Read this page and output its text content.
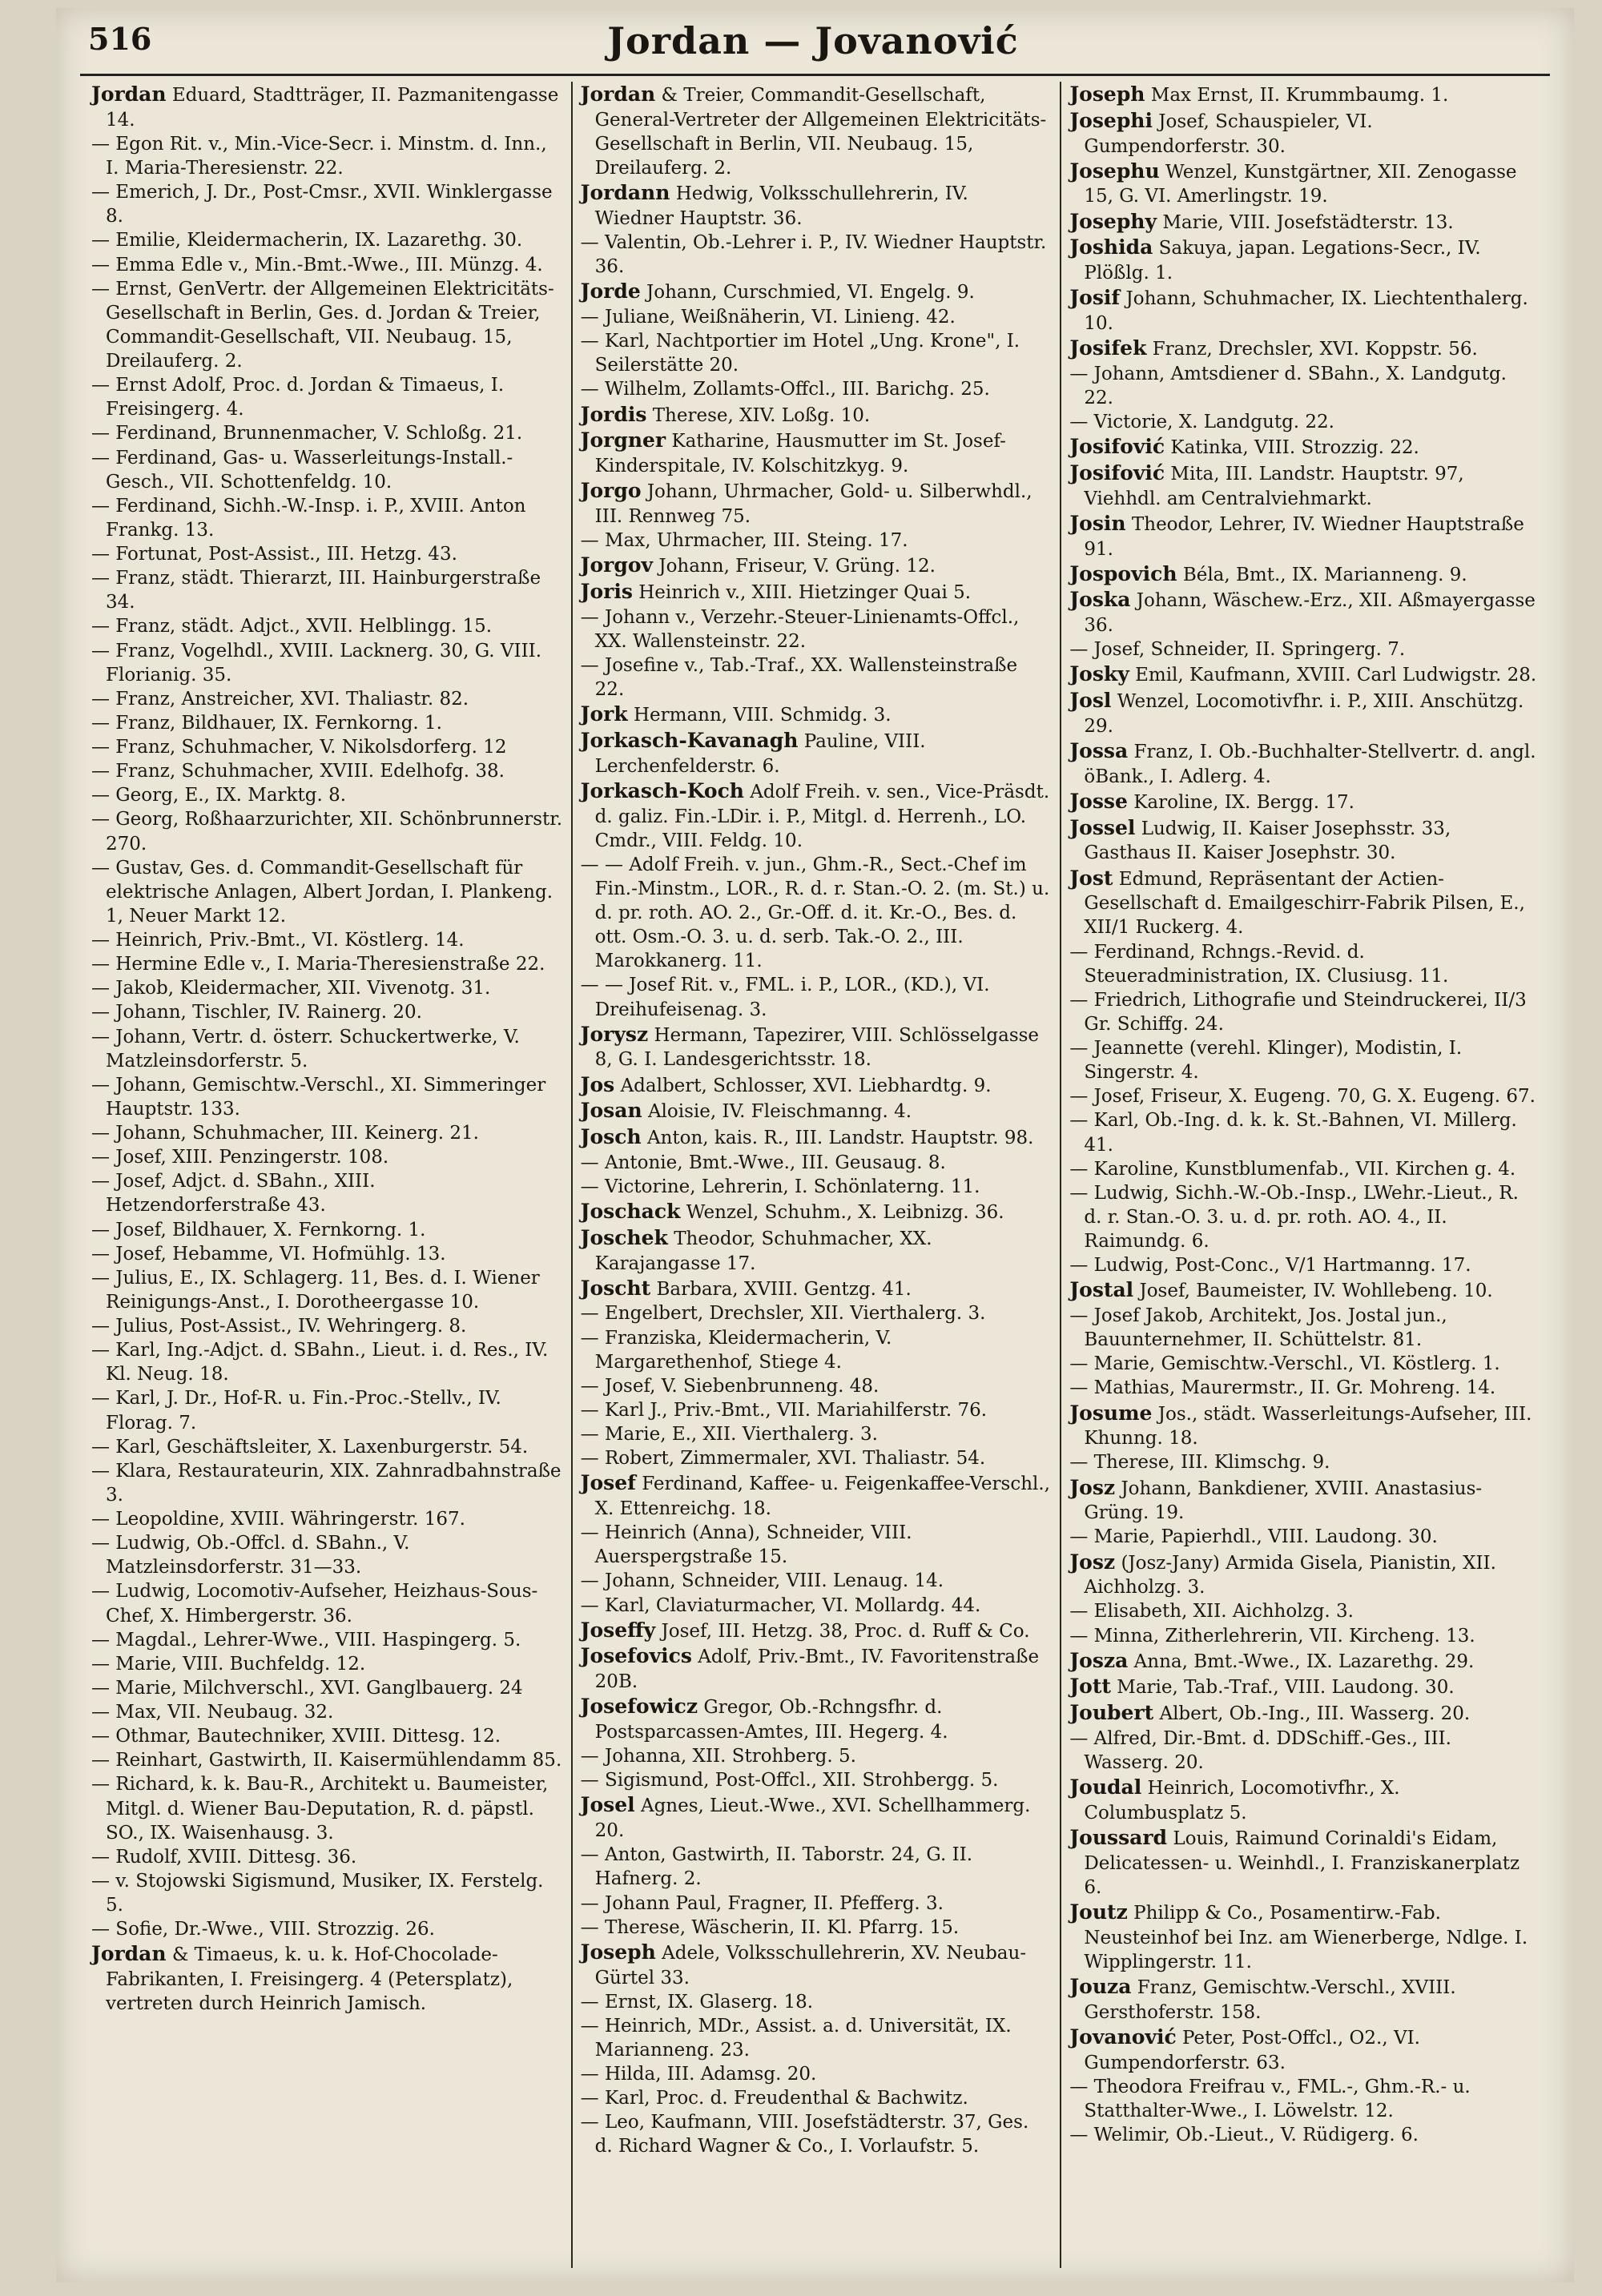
516	Jordan — Jovanović

Jordan Eduard, Stadtträger, II. Pazmanitengasse 14.

— Egon Rit. v., Min.-Vice-Secr. i. Minstm. d. Inn., I. Maria-Theresienstr. 22.

— Emerich, J. Dr., Post-Cmsr., XVII. Winklergasse 8.

— Emilie, Kleidermacherin, IX. Lazarethg. 30.

— Emma Edle v., Min.-Bmt.-Wwe., III. Münzg. 4.

— Ernst, GenVertr. der Allgemeinen Elektricitäts-Gesellschaft in Berlin, Ges. d. Jordan & Treier, Commandit-Gesellschaft, VII. Neubaug. 15, Dreilauferg. 2.

— Ernst Adolf, Proc. d. Jordan & Timaeus, I. Freisingerg. 4.

— Ferdinand, Brunnenmacher, V. Schloßg. 21.

— Ferdinand, Gas- u. Wasserleitungs-Install.-Gesch., VII. Schottenfeldg. 10.

— Ferdinand, Sichh.-W.-Insp. i. P., XVIII. Anton Frankg. 13.

— Fortunat, Post-Assist., III. Hetzg. 43.

— Franz, städt. Thierarzt, III. Hainburgerstraße 34.

— Franz, städt. Adjct., XVII. Helblingg. 15.

— Franz, Vogelhdl., XVIII. Lacknerg. 30, G. VIII. Florianig. 35.

— Franz, Anstreicher, XVI. Thaliastr. 82.

— Franz, Bildhauer, IX. Fernkorng. 1.

— Franz, Schuhmacher, V. Nikolsdorferg. 12

— Franz, Schuhmacher, XVIII. Edelhofg. 38.

— Georg, E., IX. Marktg. 8.

— Georg, Roßhaarzurichter, XII. Schönbrunnerstr. 270.

— Gustav, Ges. d. Commandit-Gesellschaft für elektrische Anlagen, Albert Jordan, I. Plankeng. 1, Neuer Markt 12.

— Heinrich, Priv.-Bmt., VI. Köstlerg. 14.

— Hermine Edle v., I. Maria-Theresienstraße 22.

— Jakob, Kleidermacher, XII. Vivenotg. 31.

— Johann, Tischler, IV. Rainerg. 20.

— Johann, Vertr. d. österr. Schuckertwerke, V. Matzleinsdorferstr. 5.

— Johann, Gemischtw.-Verschl., XI. Simmeringer Hauptstr. 133.

— Johann, Schuhmacher, III. Keinerg. 21.

— Josef, XIII. Penzingerstr. 108.

— Josef, Adjct. d. SBahn., XIII. Hetzendorferstraße 43.

— Josef, Bildhauer, X. Fernkorng. 1.

— Josef, Hebamme, VI. Hofmühlg. 13.

— Julius, E., IX. Schlagerg. 11, Bes. d. I. Wiener Reinigungs-Anst., I. Dorotheergasse 10.

— Julius, Post-Assist., IV. Wehringerg. 8.

— Karl, Ing.-Adjct. d. SBahn., Lieut. i. d. Res., IV. Kl. Neug. 18.

— Karl, J. Dr., Hof-R. u. Fin.-Proc.-Stellv., IV. Florag. 7.

— Karl, Geschäftsleiter, X. Laxenburgerstr. 54.

— Klara, Restaurateurin, XIX. Zahnradbahnstraße 3.

— Leopoldine, XVIII. Währingerstr. 167.

— Ludwig, Ob.-Offcl. d. SBahn., V. Matzleinsdorferstr. 31—33.

— Ludwig, Locomotiv-Aufseher, Heizhaus-Sous-Chef, X. Himbergerstr. 36.

— Magdal., Lehrer-Wwe., VIII. Haspingerg. 5.

— Marie, VIII. Buchfeldg. 12.

— Marie, Milchverschl., XVI. Ganglbauerg. 24

— Max, VII. Neubaug. 32.

— Othmar, Bautechniker, XVIII. Dittesg. 12.

— Reinhart, Gastwirth, II. Kaisermühlendamm 85.

— Richard, k. k. Bau-R., Architekt u. Baumeister, Mitgl. d. Wiener Bau-Deputation, R. d. päpstl. SO., IX. Waisenhausg. 3.

— Rudolf, XVIII. Dittesg. 36.

— v. Stojowski Sigismund, Musiker, IX. Ferstelg. 5.

— Sofie, Dr.-Wwe., VIII. Strozzig. 26.

Jordan & Timaeus, k. u. k. Hof-Chocolade-Fabrikanten, I. Freisingerg. 4 (Petersplatz), vertreten durch Heinrich Jamisch.

Jordan & Treier, Commandit-Gesellschaft, General-Vertreter der Allgemeinen Elektricitäts-Gesellschaft in Berlin, VII. Neubaug. 15, Dreilauferg. 2.

Jordann Hedwig, Volksschullehrerin, IV. Wiedner Hauptstr. 36.

— Valentin, Ob.-Lehrer i. P., IV. Wiedner Hauptstr. 36.

Jorde Johann, Curschmied, VI. Engelg. 9.

— Juliane, Weißnäherin, VI. Linieng. 42.

— Karl, Nachtportier im Hotel „Ung. Krone", I. Seilerstätte 20.

— Wilhelm, Zollamts-Offcl., III. Barichg. 25.

Jordis Therese, XIV. Loßg. 10.

Jorgner Katharine, Hausmutter im St. Josef-Kinderspitale, IV. Kolschitzkyg. 9.

Jorgo Johann, Uhrmacher, Gold- u. Silberwhdl., III. Rennweg 75.

— Max, Uhrmacher, III. Steing. 17.

Jorgov Johann, Friseur, V. Grüng. 12.

Joris Heinrich v., XIII. Hietzinger Quai 5.

— Johann v., Verzehr.-Steuer-Linienamts-Offcl., XX. Wallensteinstr. 22.

— Josefine v., Tab.-Traf., XX. Wallensteinstraße 22.

Jork Hermann, VIII. Schmidg. 3.

Jorkasch-Kavanagh Pauline, VIII. Lerchenfelderstr. 6.

Jorkasch-Koch Adolf Freih. v. sen., Vice-Präsdt. d. galiz. Fin.-LDir. i. P., Mitgl. d. Herrenh., LO. Cmdr., VIII. Feldg. 10.

— — Adolf Freih. v. jun., Ghm.-R., Sect.-Chef im Fin.-Minstm., LOR., R. d. r. Stan.-O. 2. (m. St.) u. d. pr. roth. AO. 2., Gr.-Off. d. it. Kr.-O., Bes. d. ott. Osm.-O. 3. u. d. serb. Tak.-O. 2., III. Marokkanerg. 11.

— — Josef Rit. v., FML. i. P., LOR., (KD.), VI. Dreihufeisenag. 3.

Jorysz Hermann, Tapezirer, VIII. Schlösselgasse 8, G. I. Landesgerichtsstr. 18.

Jos Adalbert, Schlosser, XVI. Liebhardtg. 9.

Josan Aloisie, IV. Fleischmanng. 4.

Josch Anton, kais. R., III. Landstr. Hauptstr. 98.

— Antonie, Bmt.-Wwe., III. Geusaug. 8.

— Victorine, Lehrerin, I. Schönlaterng. 11.

Joschack Wenzel, Schuhm., X. Leibnizg. 36.

Joschek Theodor, Schuhmacher, XX. Karajangasse 17.

Joscht Barbara, XVIII. Gentzg. 41.

— Engelbert, Drechsler, XII. Vierthalerg. 3.

— Franziska, Kleidermacherin, V. Margarethenhof, Stiege 4.

— Josef, V. Siebenbrunneng. 48.

— Karl J., Priv.-Bmt., VII. Mariahilferstr. 76.

— Marie, E., XII. Vierthalerg. 3.

— Robert, Zimmermaler, XVI. Thaliastr. 54.

Josef Ferdinand, Kaffee- u. Feigenkaffee-Verschl., X. Ettenreichg. 18.

— Heinrich (Anna), Schneider, VIII. Auerspergstraße 15.

— Johann, Schneider, VIII. Lenaug. 14.

— Karl, Claviaturmacher, VI. Mollardg. 44.

Joseffy Josef, III. Hetzg. 38, Proc. d. Ruff & Co.

Josefovics Adolf, Priv.-Bmt., IV. Favoritenstraße 20B.

Josefowicz Gregor, Ob.-Rchngsfhr. d. Postsparcassen-Amtes, III. Hegerg. 4.

— Johanna, XII. Strohberg. 5.

— Sigismund, Post-Offcl., XII. Strohbergg. 5.

Josel Agnes, Lieut.-Wwe., XVI. Schellhammerg. 20.

— Anton, Gastwirth, II. Taborstr. 24, G. II. Hafnerg. 2.

— Johann Paul, Fragner, II. Pfefferg. 3.

— Therese, Wäscherin, II. Kl. Pfarrg. 15.

Joseph Adele, Volksschullehrerin, XV. Neubau-Gürtel 33.

— Ernst, IX. Glaserg. 18.

— Heinrich, MDr., Assist. a. d. Universität, IX. Marianneng. 23.

— Hilda, III. Adamsg. 20.

— Karl, Proc. d. Freudenthal & Bachwitz.

— Leo, Kaufmann, VIII. Josefstädterstr. 37, Ges. d. Richard Wagner & Co., I. Vorlaufstr. 5.

Joseph Max Ernst, II. Krummbaumg. 1.

Josephi Josef, Schauspieler, VI. Gumpendorferstr. 30.

Josephu Wenzel, Kunstgärtner, XII. Zenogasse 15, G. VI. Amerlingstr. 19.

Josephy Marie, VIII. Josefstädterstr. 13.

Joshida Sakuya, japan. Legations-Secr., IV. Plößlg. 1.

Josif Johann, Schuhmacher, IX. Liechtenthalerg. 10.

Josifek Franz, Drechsler, XVI. Koppstr. 56.

— Johann, Amtsdiener d. SBahn., X. Landgutg. 22.

— Victorie, X. Landgutg. 22.

Josifović Katinka, VIII. Strozzig. 22.

Josifović Mita, III. Landstr. Hauptstr. 97, Viehhdl. am Centralviehmarkt.

Josin Theodor, Lehrer, IV. Wiedner Hauptstraße 91.

Jospovich Béla, Bmt., IX. Marianneng. 9.

Joska Johann, Wäschew.-Erz., XII. Aßmayergasse 36.

— Josef, Schneider, II. Springerg. 7.

Josky Emil, Kaufmann, XVIII. Carl Ludwigstr. 28.

Josl Wenzel, Locomotivfhr. i. P., XIII. Anschützg. 29.

Jossa Franz, I. Ob.-Buchhalter-Stellvertr. d. angl. öBank., I. Adlerg. 4.

Josse Karoline, IX. Bergg. 17.

Jossel Ludwig, II. Kaiser Josephsstr. 33, Gasthaus II. Kaiser Josephstr. 30.

Jost Edmund, Repräsentant der Actien-Gesellschaft d. Emailgeschirr-Fabrik Pilsen, E., XII/1 Ruckerg. 4.

— Ferdinand, Rchngs.-Revid. d. Steueradministration, IX. Clusiusg. 11.

— Friedrich, Lithografie und Steindruckerei, II/3 Gr. Schiffg. 24.

— Jeannette (verehl. Klinger), Modistin, I. Singerstr. 4.

— Josef, Friseur, X. Eugeng. 70, G. X. Eugeng. 67.

— Karl, Ob.-Ing. d. k. k. St.-Bahnen, VI. Millerg. 41.

— Karoline, Kunstblumenfab., VII. Kirchen g. 4.

— Ludwig, Sichh.-W.-Ob.-Insp., LWehr.-Lieut., R. d. r. Stan.-O. 3. u. d. pr. roth. AO. 4., II. Raimundg. 6.

— Ludwig, Post-Conc., V/1 Hartmanng. 17.

Jostal Josef, Baumeister, IV. Wohllebeng. 10.

— Josef Jakob, Architekt, Jos. Jostal jun., Bauunternehmer, II. Schüttelstr. 81.

— Marie, Gemischtw.-Verschl., VI. Köstlerg. 1.

— Mathias, Maurermstr., II. Gr. Mohreng. 14.

Josume Jos., städt. Wasserleitungs-Aufseher, III. Khunng. 18.

— Therese, III. Klimschg. 9.

Josz Johann, Bankdiener, XVIII. Anastasius-Grüng. 19.

— Marie, Papierhdl., VIII. Laudong. 30.

Josz (Josz-Jany) Armida Gisela, Pianistin, XII. Aichholzg. 3.

— Elisabeth, XII. Aichholzg. 3.

— Minna, Zitherlehrerin, VII. Kircheng. 13.

Josza Anna, Bmt.-Wwe., IX. Lazarethg. 29.

Jott Marie, Tab.-Traf., VIII. Laudong. 30.

Joubert Albert, Ob.-Ing., III. Wasserg. 20.

— Alfred, Dir.-Bmt. d. DDSchiff.-Ges., III. Wasserg. 20.

Joudal Heinrich, Locomotivfhr., X. Columbusplatz 5.

Joussard Louis, Raimund Corinaldi's Eidam, Delicatessen- u. Weinhdl., I. Franziskanerplatz 6.

Joutz Philipp & Co., Posamentirw.-Fab. Neusteinhof bei Inz. am Wienerberge, Ndlge. I. Wipplingerstr. 11.

Jouza Franz, Gemischtw.-Verschl., XVIII. Gersthoferstr. 158.

Jovanović Peter, Post-Offcl., O2., VI. Gumpendorferstr. 63.

— Theodora Freifrau v., FML.-, Ghm.-R.- u. Statthalter-Wwe., I. Löwelstr. 12.

— Welimir, Ob.-Lieut., V. Rüdigerg. 6.
